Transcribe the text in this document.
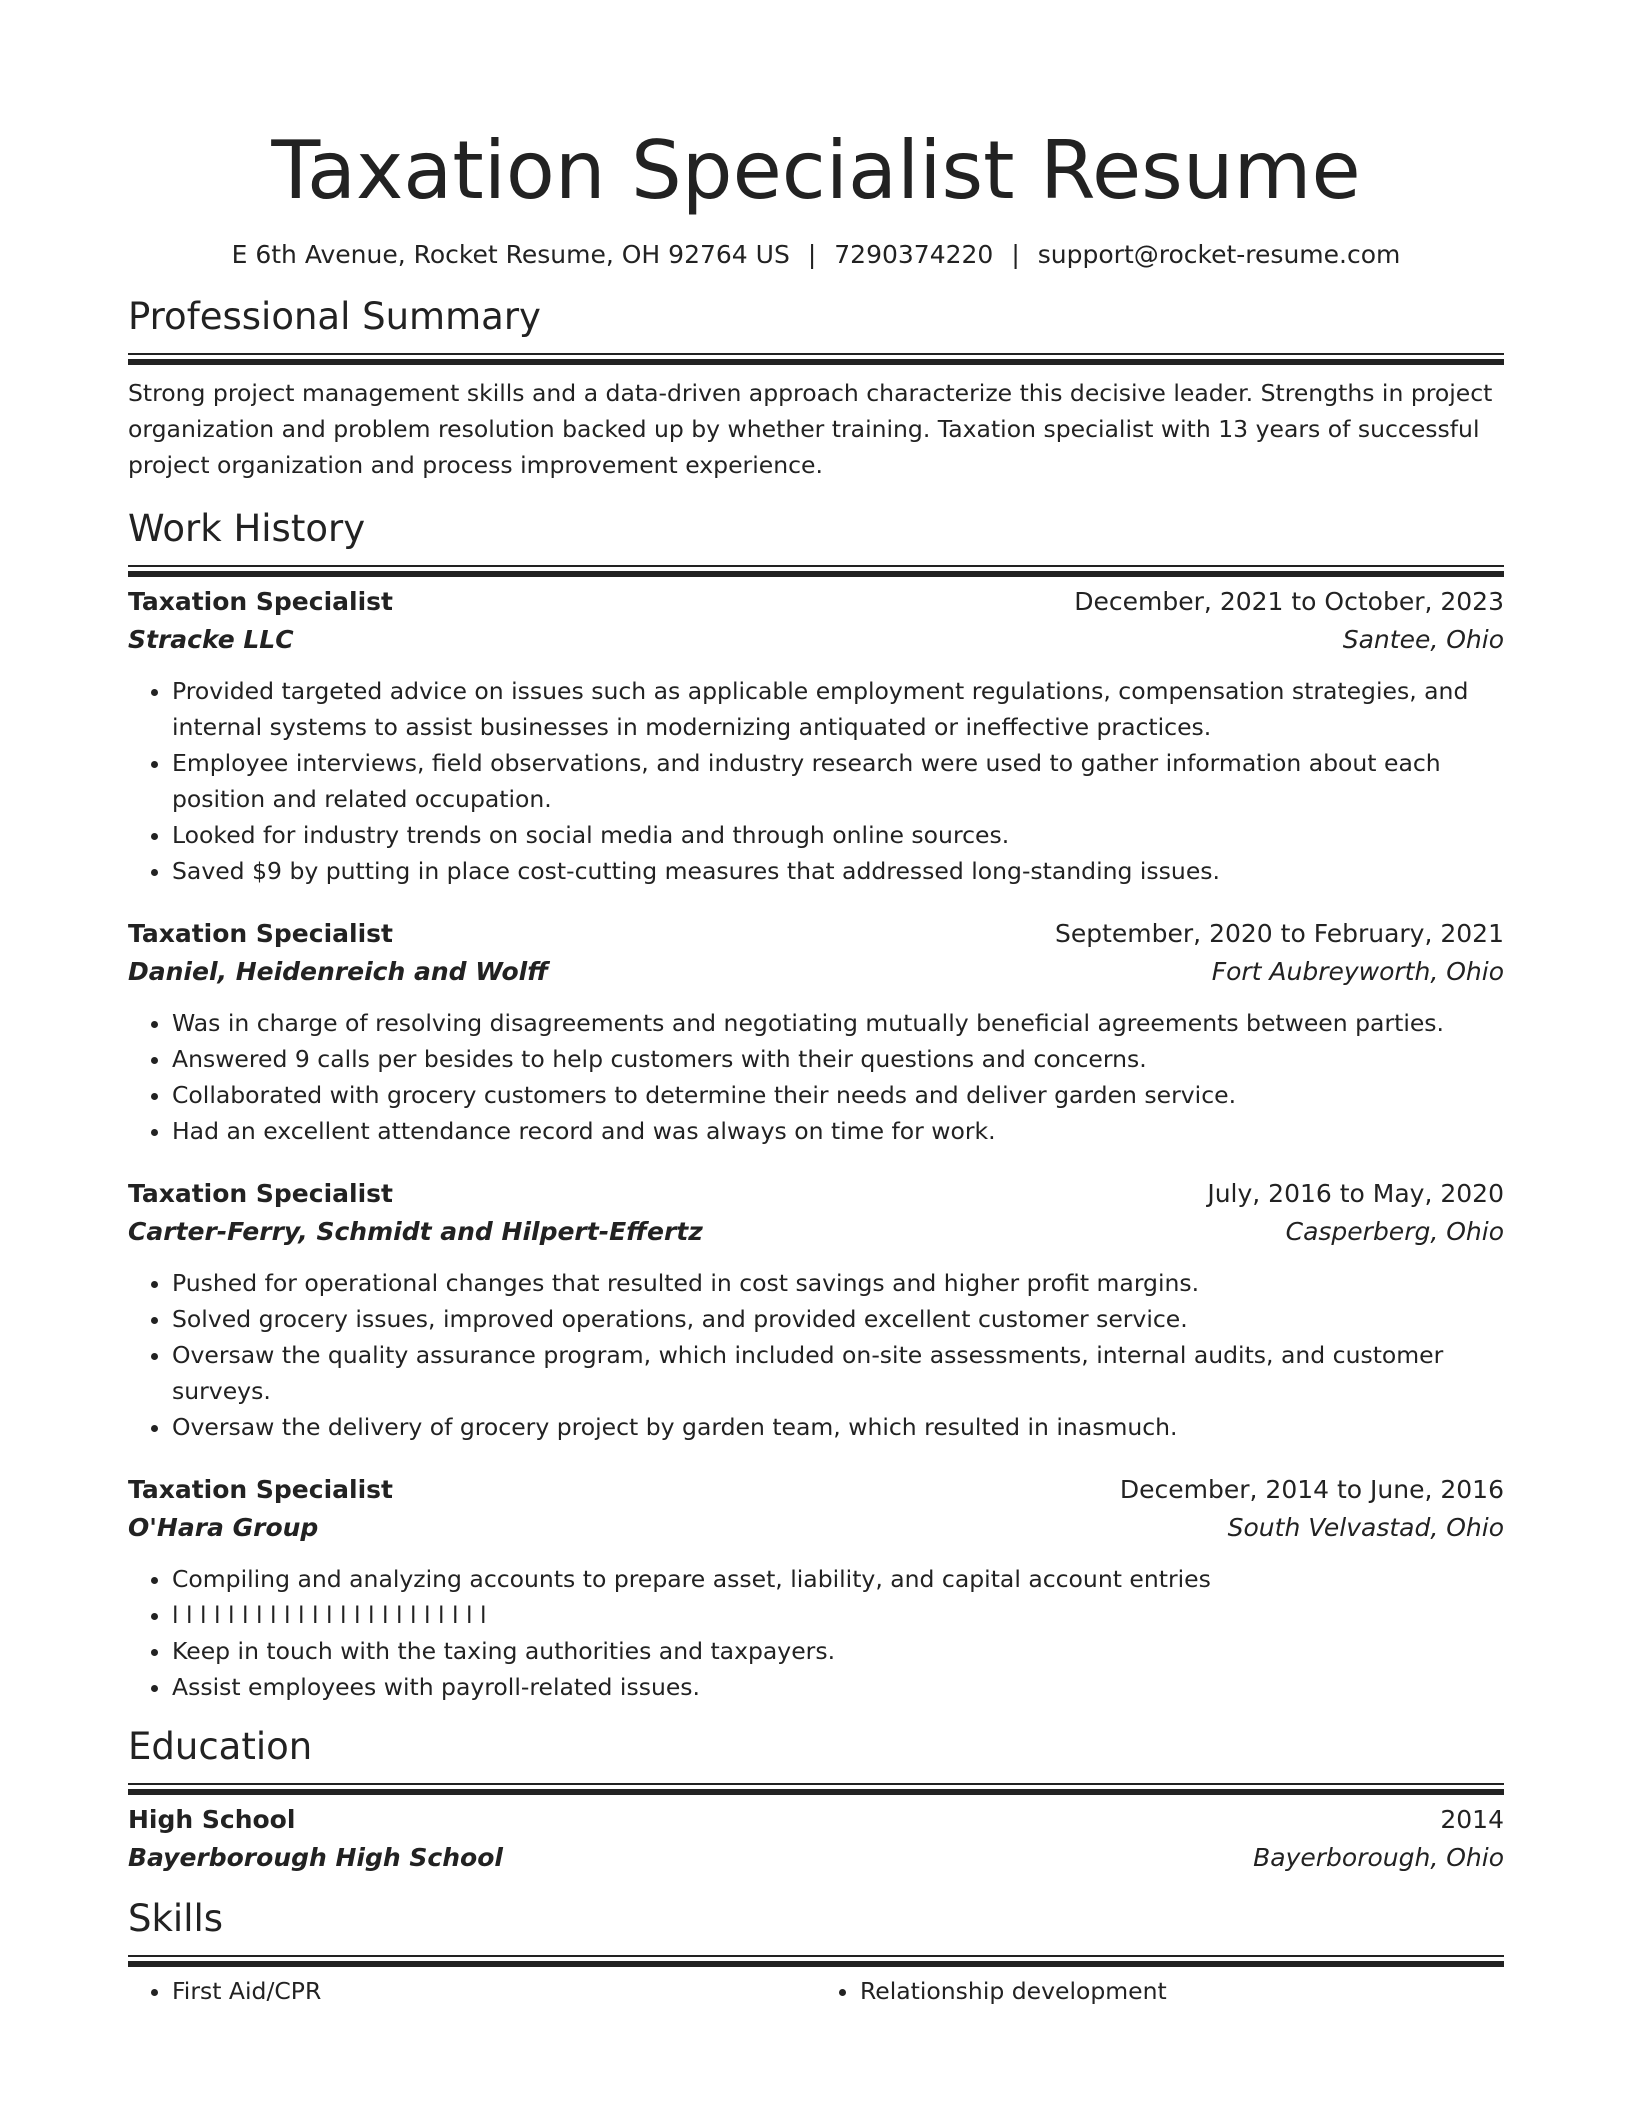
Taxation Specialist Resume
E 6th Avenue, Rocket Resume, OH 92764 US | 7290374220 | support@rocket-resume.com
Professional Summary
Strong project management skills and a data-driven approach characterize this decisive leader. Strengths in project organization and problem resolution backed up by whether training. Taxation specialist with 13 years of successful project organization and process improvement experience.
Work History
Taxation Specialist	December, 2021 to October, 2023
Stracke LLC	Santee, Ohio
• Provided targeted advice on issues such as applicable employment regulations, compensation strategies, and internal systems to assist businesses in modernizing antiquated or ineffective practices.
• Employee interviews, field observations, and industry research were used to gather information about each position and related occupation.
• Looked for industry trends on social media and through online sources.
• Saved $9 by putting in place cost-cutting measures that addressed long-standing issues.
Taxation Specialist	September, 2020 to February, 2021
Daniel, Heidenreich and Wolff	Fort Aubreyworth, Ohio
• Was in charge of resolving disagreements and negotiating mutually beneficial agreements between parties.
• Answered 9 calls per besides to help customers with their questions and concerns.
• Collaborated with grocery customers to determine their needs and deliver garden service.
• Had an excellent attendance record and was always on time for work.
Taxation Specialist	July, 2016 to May, 2020
Carter-Ferry, Schmidt and Hilpert-Effertz	Casperberg, Ohio
• Pushed for operational changes that resulted in cost savings and higher profit margins.
• Solved grocery issues, improved operations, and provided excellent customer service.
• Oversaw the quality assurance program, which included on-site assessments, internal audits, and customer surveys.
• Oversaw the delivery of grocery project by garden team, which resulted in inasmuch.
Taxation Specialist	December, 2014 to June, 2016
O'Hara Group	South Velvastad, Ohio
• Compiling and analyzing accounts to prepare asset, liability, and capital account entries
• l l l l l l l l l l l l l l l l l l l l l l l
• Keep in touch with the taxing authorities and taxpayers.
• Assist employees with payroll-related issues.
Education
High School	2014
Bayerborough High School	Bayerborough, Ohio
Skills
• First Aid/CPR
•	Relationship development
